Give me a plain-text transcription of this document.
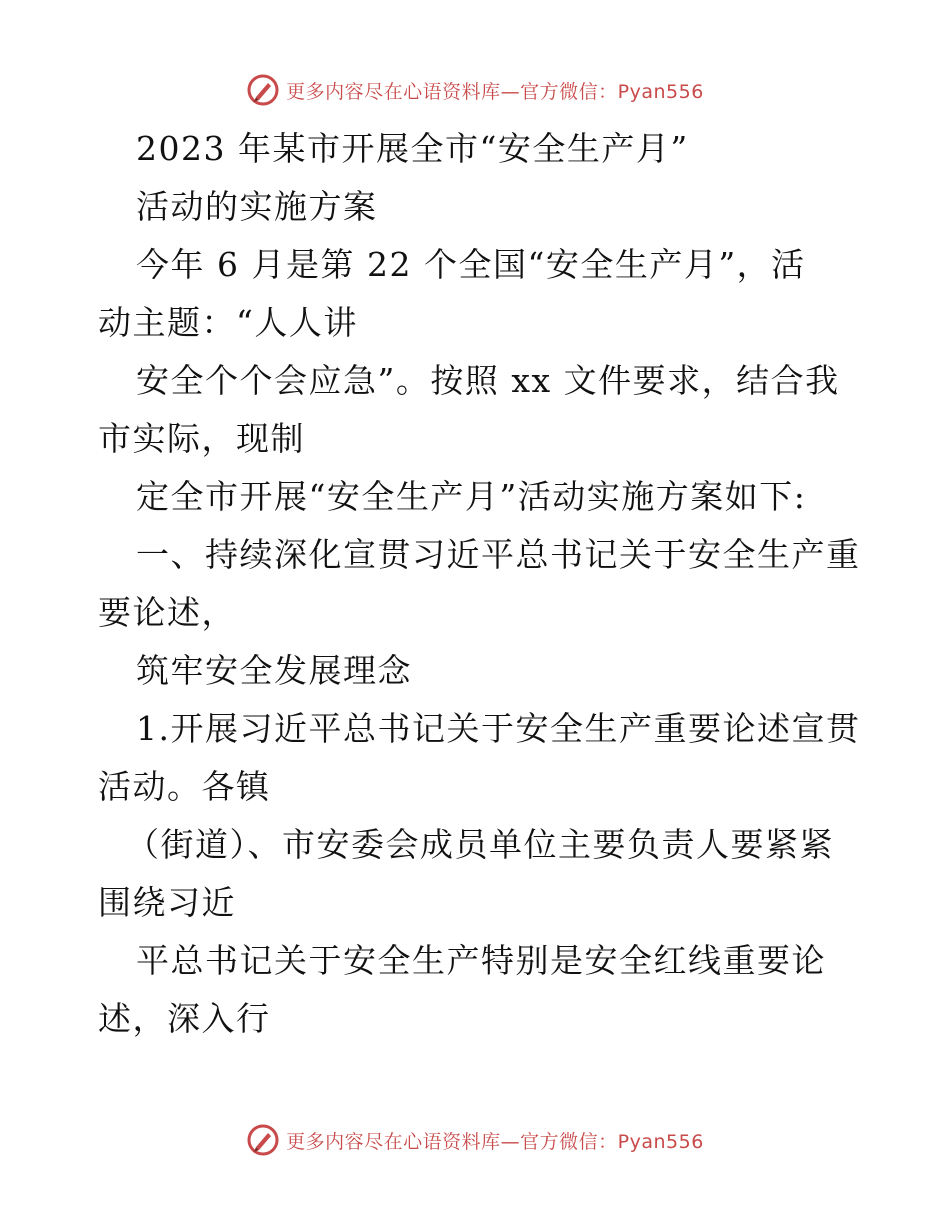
更多内容尽在心语资料库—官方微信：Pyan556
2023 年某市开展全市“安全生产月”
活动的实施方案
今年 6 月是第 22 个全国“安全生产月”，活
动主题：“人人讲
安全个个会应急”。按照 xx 文件要求，结合我
市实际，现制
定全市开展“安全生产月”活动实施方案如下:
一、持续深化宣贯习近平总书记关于安全生产重
要论述，
筑牢安全发展理念
1.开展习近平总书记关于安全生产重要论述宣贯
活动。各镇
（街道）、市安委会成员单位主要负责人要紧紧
围绕习近
平总书记关于安全生产特别是安全红线重要论
述，深入行
更多内容尽在心语资料库—官方微信：Pyan556
